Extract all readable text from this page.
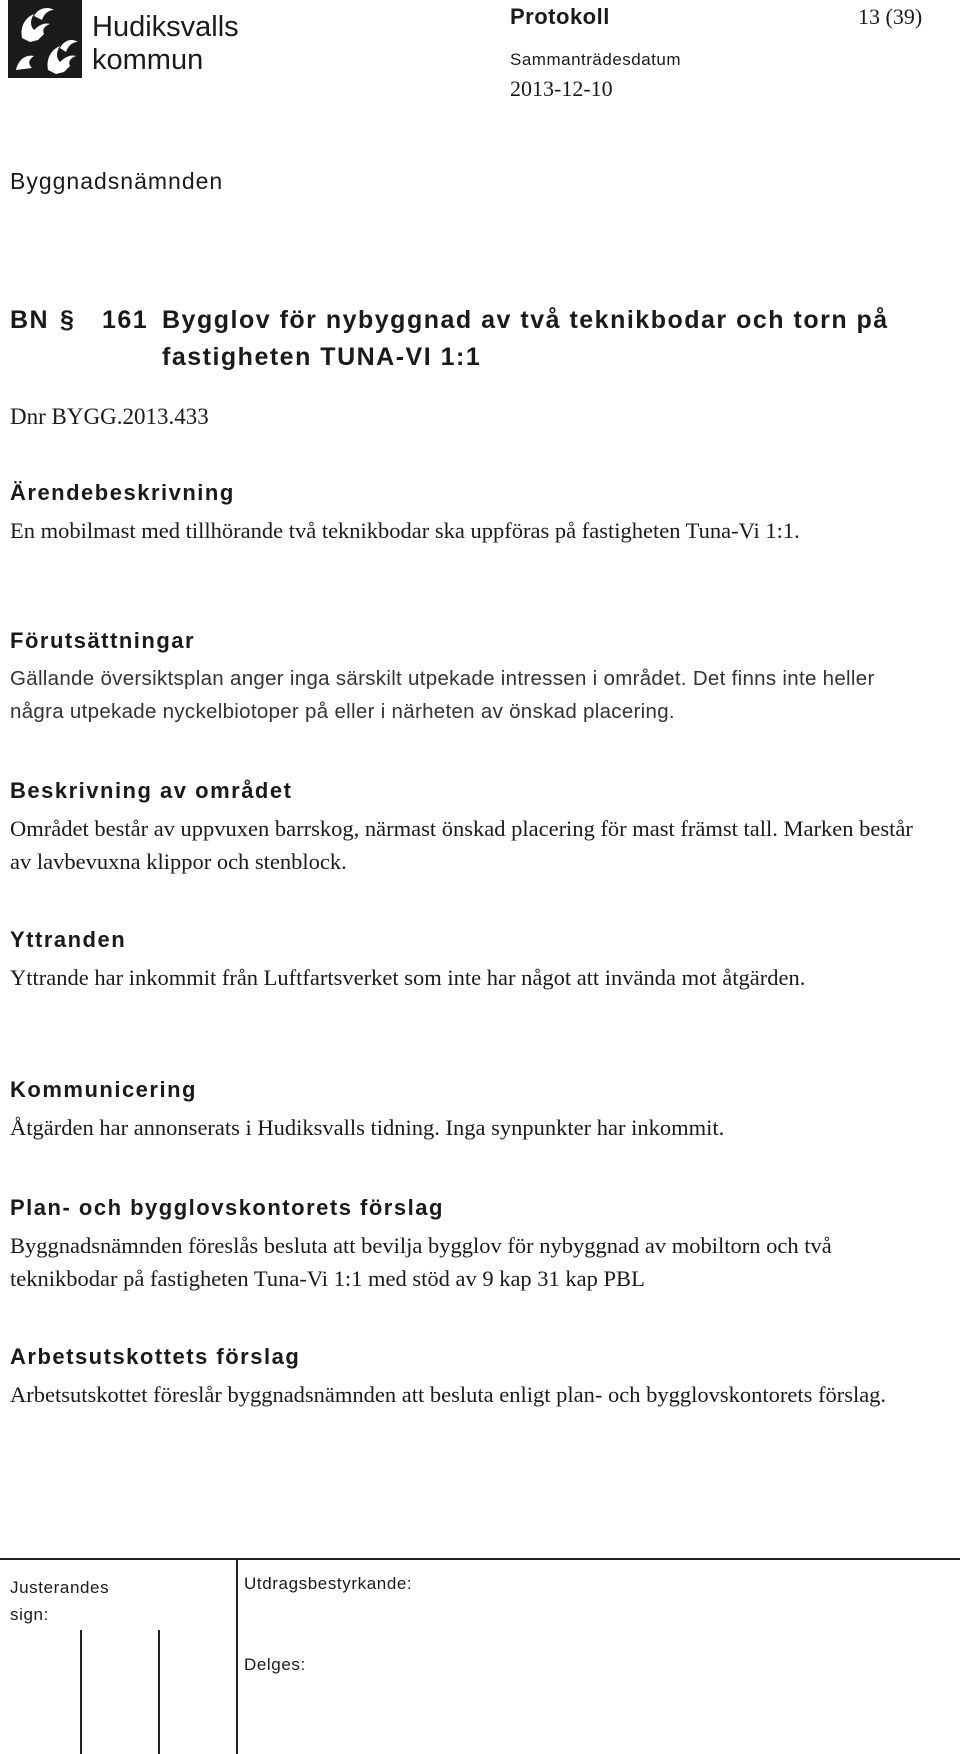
Hudiksvalls
kommun
Protokoll	13 (39)
Sammanträdesdatum
2013-12-10
Byggnadsnämnden
BN § 161 Bygglov för nybyggnad av två teknikbodar och torn på fastigheten TUNA-VI 1:1
Dnr BYGG.2013.433
Ärendebeskrivning

En mobilmast med tillhörande två teknikbodar ska uppföras på fastigheten Tuna-Vi 1:1.

Förutsättningar

Gällande översiktsplan anger inga särskilt utpekade intressen i området. Det finns inte heller några utpekade nyckelbiotoper på eller i närheten av önskad placering.

Beskrivning av området

Området består av uppvuxen barrskog, närmast önskad placering för mast främst tall. Marken består av lavbevuxna klippor och stenblock.

Yttranden

Yttrande har inkommit från Luftfartsverket som inte har något att invända mot åtgärden.

Kommunicering

Åtgärden har annonserats i Hudiksvalls tidning. Inga synpunkter har inkommit.

Plan- och bygglovskontorets förslag

Byggnadsnämnden föreslås besluta att bevilja bygglov för nybyggnad av mobiltorn och två teknikbodar på fastigheten Tuna-Vi 1:1 med stöd av 9 kap 31 kap PBL

Arbetsutskottets förslag

Arbetsutskottet föreslår byggnadsnämnden att besluta enligt plan- och bygglovskontorets förslag.

Justerandes
sign:
Utdragsbestyrkande:
Delges:
